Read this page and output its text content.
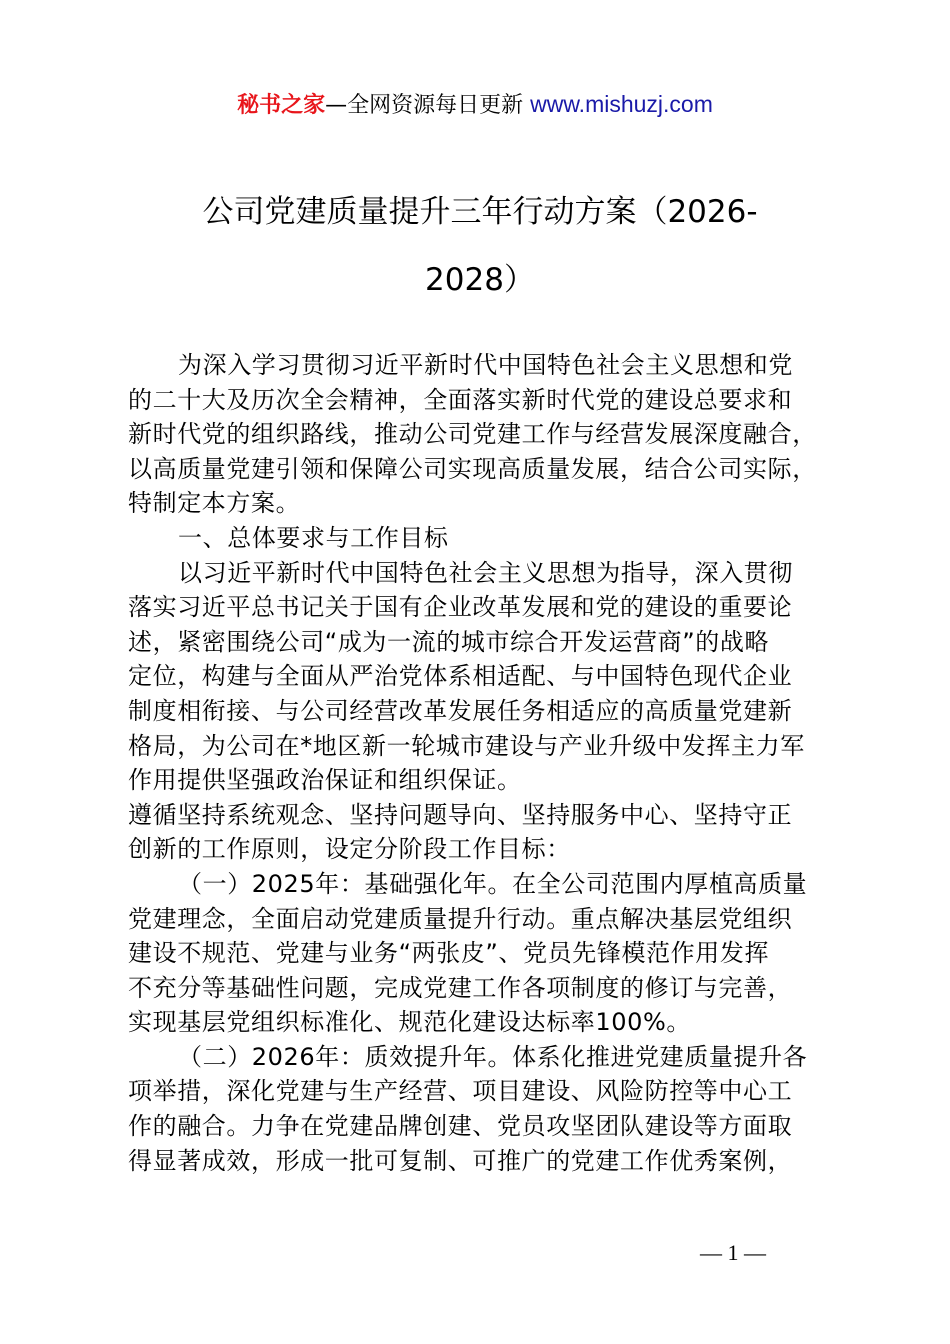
秘书之家—全网资源每日更新 www.mishuzj.com
公司党建质量提升三年行动方案（2026-
2028）
为深入学习贯彻习近平新时代中国特色社会主义思想和党
的二十大及历次全会精神，全面落实新时代党的建设总要求和
新时代党的组织路线，推动公司党建工作与经营发展深度融合，
以高质量党建引领和保障公司实现高质量发展，结合公司实际，
特制定本方案。
一、总体要求与工作目标
以习近平新时代中国特色社会主义思想为指导，深入贯彻
落实习近平总书记关于国有企业改革发展和党的建设的重要论
述，紧密围绕公司“成为一流的城市综合开发运营商”的战略
定位，构建与全面从严治党体系相适配、与中国特色现代企业
制度相衔接、与公司经营改革发展任务相适应的高质量党建新
格局，为公司在*地区新一轮城市建设与产业升级中发挥主力军
作用提供坚强政治保证和组织保证。
遵循坚持系统观念、坚持问题导向、坚持服务中心、坚持守正
创新的工作原则，设定分阶段工作目标：
（一）2025年：基础强化年。在全公司范围内厚植高质量
党建理念，全面启动党建质量提升行动。重点解决基层党组织
建设不规范、党建与业务“两张皮”、党员先锋模范作用发挥
不充分等基础性问题，完成党建工作各项制度的修订与完善，
实现基层党组织标准化、规范化建设达标率100%。
（二）2026年：质效提升年。体系化推进党建质量提升各
项举措，深化党建与生产经营、项目建设、风险防控等中心工
作的融合。力争在党建品牌创建、党员攻坚团队建设等方面取
得显著成效，形成一批可复制、可推广的党建工作优秀案例，
— 1 —
